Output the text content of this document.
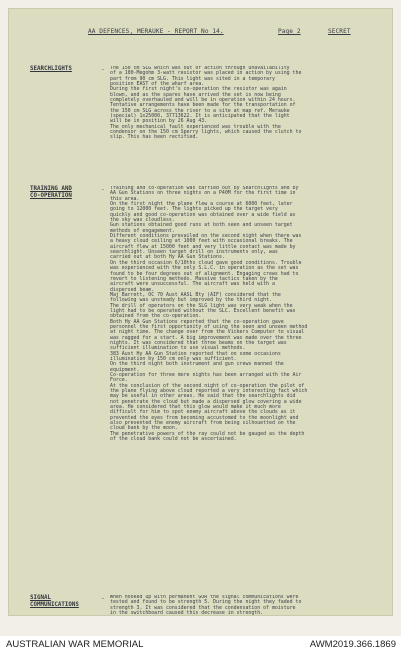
AA DEFENCES, MERAUKE - REPORT No 14.	Page 2	SECRET
SEARCHLIGHTS	- The 150 cm SLG which was out of action through unavailability
of a 100-Megohm 3-watt resistor was placed in action by using the
part from 90 cm SLG. This light was sited in a temporary
position EAST of the wharf area.
During the first night's co-operation the resistor was again
blown, and as the spares have arrived the set is now being
completely overhauled and will be in operation within 24 hours.
Tentative arrangements have been made for the transportation of
the 150 cm SLG across the river to a site at map ref. Merauke
(special) 1x25000, 37713622. It is anticipated that the light
will be in position by 26 Aug 43.
The only mechanical fault experienced was trouble with the
condensor on the 150 cm Sperry lights, which caused the clutch to
slip. This has been rectified.
TRAINING AND
CO-OPERATION
- Training and co-operation was carried out by Searchlights and by
AA Gun Stations on three nights on a P40M for the first time in
this area.
On the first night the plane flew a course at 6000 feet, later
going to 12000 feet. The lights picked up the target very
quickly and good co-operation was obtained over a wide field as
the sky was cloudless.
Gun stations obtained good runs at both seen and unseen target
methods of engagement.
Different conditions prevailed on the second night when there was
a heavy cloud ceiling at 1000 feet with occasional breaks. The
aircraft flew at 15000 feet and very little contact was made by
searchlight. Unseen target drill on instruments only, was
carried out at both Hy AA Gun Stations.
On the third occasion 6/10ths cloud gave good conditions. Trouble
was experienced with the only S.L.C. in operation as the set was
found to be four degrees out of alignment. Engaging crews had to
revert to listening methods. Massive tactics taken by the
aircraft were unsuccessful. The aircraft was held with a
dispersed beam.
Maj Barrett, OC 70 Aust AASL Bty (AIF) considered that the
following was unsteady but improved by the third night.
The drill of operators on the SLG light was very weak when the
light had to be operated without the SLC. Excellent benefit was
obtained from the co-operation.
Both Hy AA Gun Stations reported that the co-operation gave
personnel the first opportunity of using the seen and unseen method
at night time. The change over from the Vickers Computer to visual
was ragged for a start. A big improvement was made over the three
nights. It was considered that three beams on the target was
sufficient illumination to use visual methods.
383 Aust Hy AA Gun Station reported that on some occasions
illumination by 150 cm only was sufficient.
On the third night both instrument and gun crews manned the
equipment.
Co-operation for three more nights has been arranged with the Air
Force.
At the conclusion of the second night of co-operation the pilot of
the plane flying above cloud reported a very interesting fact which
may be useful in other areas. He said that the searchlights did
not penetrate the cloud but made a dispersed glow covering a wide
area. He considered that this glow would make it much more
difficult for him to spot enemy aircraft above the clouds as it
prevented the eyes from becoming accustomed to the moonlight and
also prevented the enemy aircraft from being silhouetted on the
cloud bank by the moon.
The penetrative powers of the ray could not be gauged as the depth
of the cloud bank could not be ascertained.
SIGNAL
COMMUNICATIONS
- When hooked up with permanent GOR the signal communications were
tested and found to be strength 5. During the night they faded to
strength 3. It was considered that the condensation of moisture
in the switchboard caused this decrease in strength.
AUSTRALIAN WAR MEMORIAL	AWM2019.366.1869
